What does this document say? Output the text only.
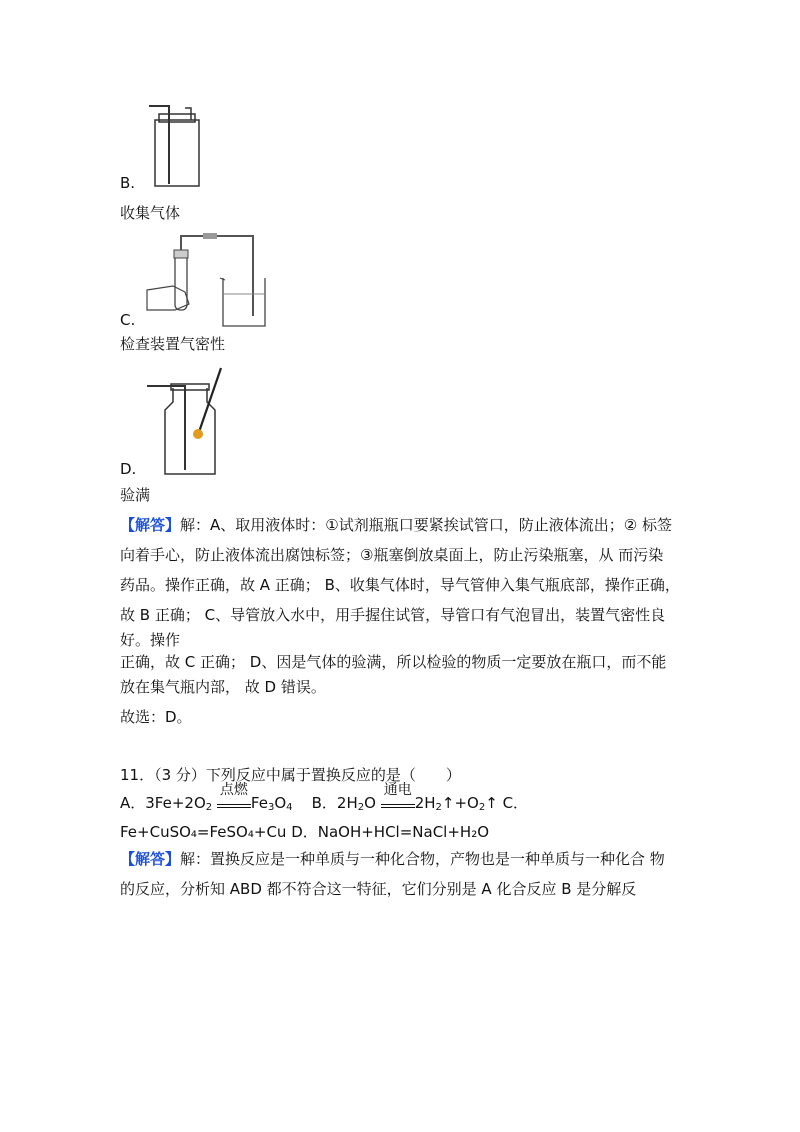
B.
收集气体
C.
检查装置气密性
D.
验满
【解答】解：A、取用液体时：①试剂瓶瓶口要紧挨试管口，防止液体流出；② 标签
向着手心，防止液体流出腐蚀标签；③瓶塞倒放桌面上，防止污染瓶塞，从 而污染
药品。操作正确，故 A 正确； B、收集气体时，导气管伸入集气瓶底部，操作正确，
故 B 正确； C、导管放入水中，用手握住试管，导管口有气泡冒出，装置气密性良
好。操作
正确，故 C 正确； D、因是气体的验满，所以检验的物质一定要放在瓶口，而不能
放在集气瓶内部， 故 D 错误。
故选：D。
11．（3 分）下列反应中属于置换反应的是（　　）
A．$3Fe+2O_2$
点燃
$Fe_3O_4$ B．$2H_2O$
通电
$2H_2↑+O_2↑$ C．
Fe+CuSO₄=FeSO₄+Cu D．NaOH+HCl=NaCl+H₂O
【解答】解：置换反应是一种单质与一种化合物，产物也是一种单质与一种化合 物
的反应，分析知 ABD 都不符合这一特征，它们分别是 A 化合反应 B 是分解反
